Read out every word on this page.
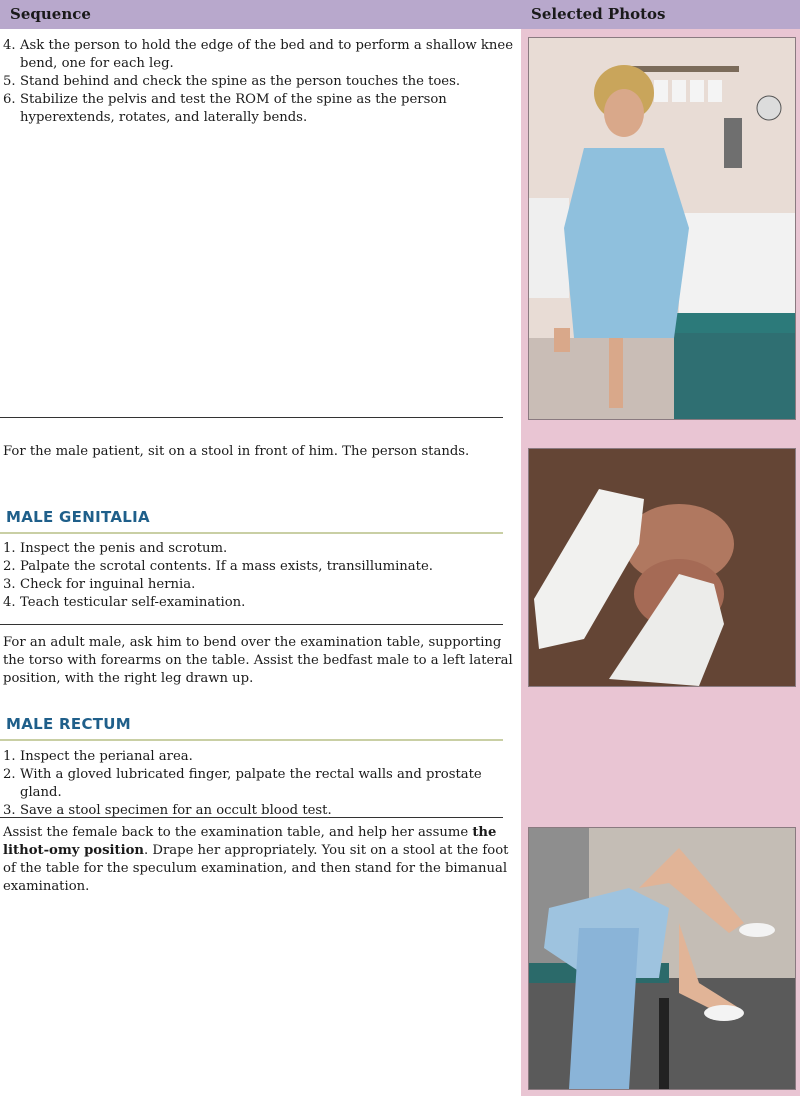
Sequence	Selected Photos
4. Ask the person to hold the edge of the bed and to perform a shallow knee bend, one for each leg.
5. Stand behind and check the spine as the person touches the toes.
6. Stabilize the pelvis and test the ROM of the spine as the person hyperextends, rotates, and laterally bends.

For the male patient, sit on a stool in front of him. The person stands.

MALE GENITALIA
1. Inspect the penis and scrotum.
2. Palpate the scrotal contents. If a mass exists, transilluminate.
3. Check for inguinal hernia.
4. Teach testicular self-examination.

For an adult male, ask him to bend over the examination table, supporting the torso with forearms on the table. Assist the bedfast male to a left lateral position, with the right leg drawn up.

MALE RECTUM
1. Inspect the perianal area.
2. With a gloved lubricated finger, palpate the rectal walls and prostate gland.
3. Save a stool specimen for an occult blood test.

Assist the female back to the examination table, and help her assume the lithot-omy position. Drape her appropriately. You sit on a stool at the foot of the table for the speculum examination, and then stand for the bimanual examination.
